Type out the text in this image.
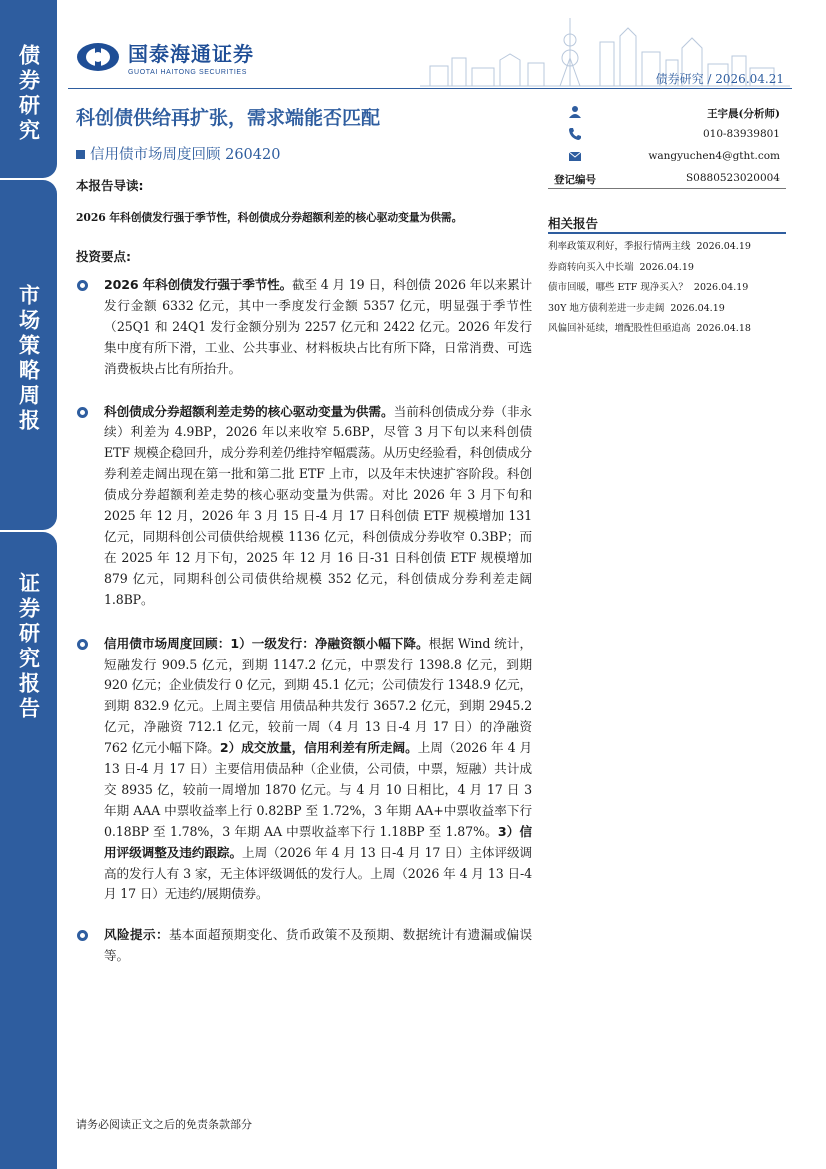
债券研究
市场策略周报
证券研究报告
国泰海通证券
GUOTAI HAITONG SECURITIES	债券研究 / 2026.04.21
科创债供给再扩张，需求端能否匹配
信用债市场周度回顾 260420
王宇晨(分析师)
010-83939801
wangyuchen4@gtht.com
登记编号	S0880523020004
相关报告
利率政策双利好，季报行情两主线 2026.04.19
券商转向买入中长端 2026.04.19
债市回暖，哪些 ETF 现净买入？ 2026.04.19
30Y 地方债利差进一步走阔 2026.04.19
风偏回补延续，增配股性但亟追高 2026.04.18
本报告导读:
2026 年科创债发行强于季节性，科创债成分券超额利差的核心驱动变量为供需。
投资要点:
2026 年科创债发行强于季节性。截至 4 月 19 日，科创债 2026 年以来累计发行金额 6332 亿元，其中一季度发行金额 5357 亿元，明显强于季节性（25Q1 和 24Q1 发行金额分别为 2257 亿元和 2422 亿元。2026 年发行集中度有所下滑，工业、公共事业、材料板块占比有所下降，日常消费、可选消费板块占比有所抬升。
科创债成分券超额利差走势的核心驱动变量为供需。当前科创债成分券（非永续）利差为 4.9BP，2026 年以来收窄 5.6BP，尽管 3 月下旬以来科创债 ETF 规模企稳回升，成分券利差仍维持窄幅震荡。从历史经验看，科创债成分券利差走阔出现在第一批和第二批 ETF 上市，以及年末快速扩容阶段。科创债成分券超额利差走势的核心驱动变量为供需。对比 2026 年 3 月下旬和 2025 年 12 月，2026 年 3 月 15 日-4 月 17 日科创债 ETF 规模增加 131 亿元，同期科创公司债供给规模 1136 亿元，科创债成分券收窄 0.3BP；而在 2025 年 12 月下旬，2025 年 12 月 16 日-31 日科创债 ETF 规模增加 879 亿元，同期科创公司债供给规模 352 亿元，科创债成分券利差走阔 1.8BP。
信用债市场周度回顾：1）一级发行：净融资额小幅下降。根据 Wind 统计，短融发行 909.5 亿元，到期 1147.2 亿元，中票发行 1398.8 亿元，到期 920 亿元；企业债发行 0 亿元，到期 45.1 亿元；公司债发行 1348.9 亿元，到期 832.9 亿元。上周主要信 用债品种共发行 3657.2 亿元，到期 2945.2 亿元，净融资 712.1 亿元，较前一周（4 月 13 日-4 月 17 日）的净融资 762 亿元小幅下降。2）成交放量，信用利差有所走阔。上周（2026 年 4 月 13 日-4 月 17 日）主要信用债品种（企业债，公司债，中票，短融）共计成交 8935 亿，较前一周增加 1870 亿元。与 4 月 10 日相比，4 月 17 日 3 年期 AAA 中票收益率上行 0.82BP 至 1.72%，3 年期 AA+中票收益率下行 0.18BP 至 1.78%，3 年期 AA 中票收益率下行 1.18BP 至 1.87%。3）信用评级调整及违约跟踪。上周（2026 年 4 月 13 日-4 月 17 日）主体评级调高的发行人有 3 家，无主体评级调低的发行人。上周（2026 年 4 月 13 日-4 月 17 日）无违约/展期债券。
风险提示：基本面超预期变化、货币政策不及预期、数据统计有遗漏或偏误等。
请务必阅读正文之后的免责条款部分
